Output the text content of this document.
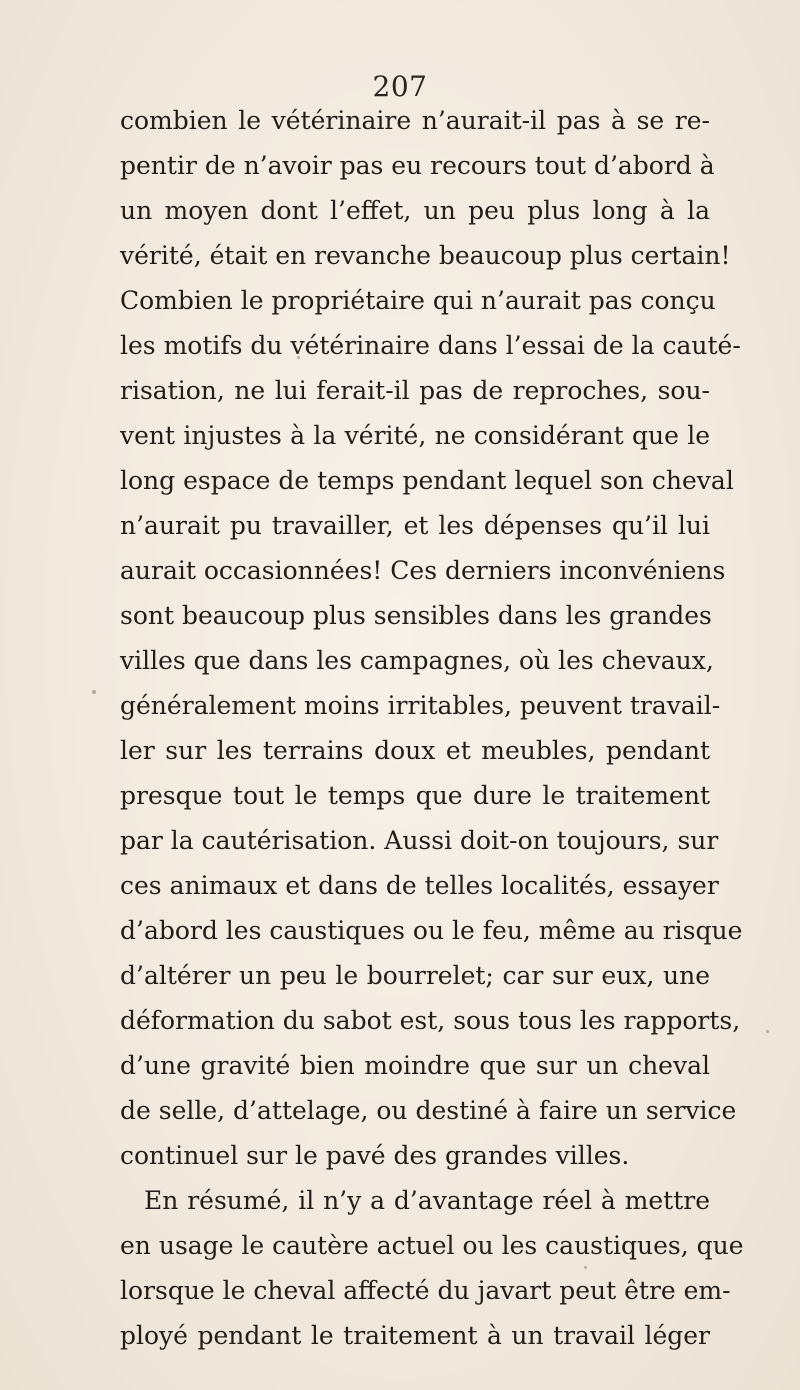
207
combien le vétérinaire n’aurait-il pas à se re-
pentir de n’avoir pas eu recours tout d’abord à
un moyen dont l’effet, un peu plus long à la
vérité, était en revanche beaucoup plus certain!
Combien le propriétaire qui n’aurait pas conçu
les motifs du vétérinaire dans l’essai de la cauté-
risation, ne lui ferait-il pas de reproches, sou-
vent injustes à la vérité, ne considérant que le
long espace de temps pendant lequel son cheval
n’aurait pu travailler, et les dépenses qu’il lui
aurait occasionnées! Ces derniers inconvéniens
sont beaucoup plus sensibles dans les grandes
villes que dans les campagnes, où les chevaux,
généralement moins irritables, peuvent travail-
ler sur les terrains doux et meubles, pendant
presque tout le temps que dure le traitement
par la cautérisation. Aussi doit-on toujours, sur
ces animaux et dans de telles localités, essayer
d’abord les caustiques ou le feu, même au risque
d’altérer un peu le bourrelet; car sur eux, une
déformation du sabot est, sous tous les rapports,
d’une gravité bien moindre que sur un cheval
de selle, d’attelage, ou destiné à faire un service
continuel sur le pavé des grandes villes.
En résumé, il n’y a d’avantage réel à mettre
en usage le cautère actuel ou les caustiques, que
lorsque le cheval affecté du javart peut être em-
ployé pendant le traitement à un travail léger
